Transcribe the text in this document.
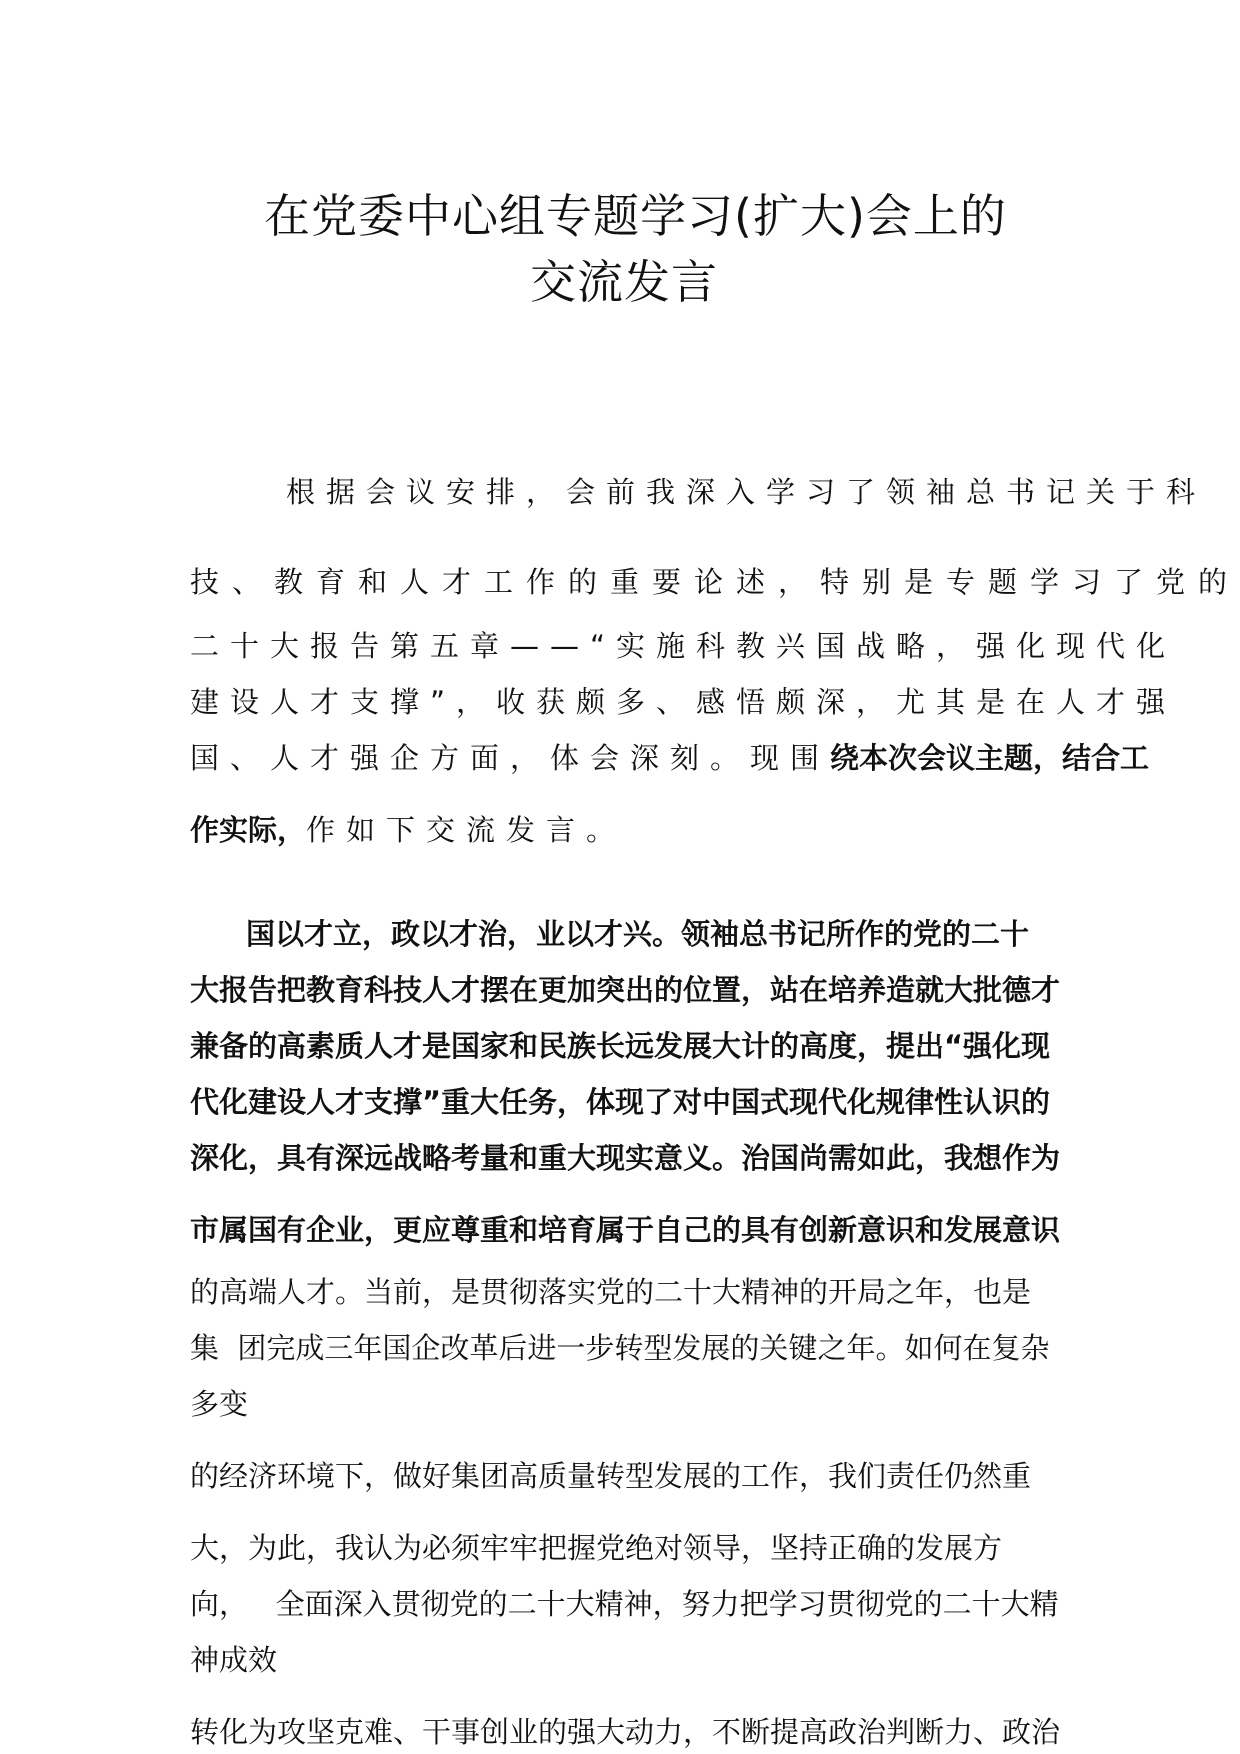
在党委中心组专题学习(扩大)会上的
交流发言
根据会议安排，会前我深入学习了领袖总书记关于科
技、教育和人才工作的重要论述，特别是专题学习了党的
二十大报告第五章——“实施科教兴国战略，强化现代化
建设人才支撑”，收获颇多、感悟颇深，尤其是在人才强
国、人才强企方面，体会深刻。现围绕本次会议主题，结合工
作实际，作如下交流发言。
国以才立，政以才治，业以才兴。领袖总书记所作的党的二十
大报告把教育科技人才摆在更加突出的位置，站在培养造就大批德才
兼备的高素质人才是国家和民族长远发展大计的高度，提出“强化现
代化建设人才支撑”重大任务，体现了对中国式现代化规律性认识的
深化，具有深远战略考量和重大现实意义。治国尚需如此，我想作为
市属国有企业，更应尊重和培育属于自己的具有创新意识和发展意识
的高端人才。当前，是贯彻落实党的二十大精神的开局之年，也是
集  团完成三年国企改革后进一步转型发展的关键之年。如何在复杂
多变
的经济环境下，做好集团高质量转型发展的工作，我们责任仍然重
大，为此，我认为必须牢牢把握党绝对领导，坚持正确的发展方
向，   全面深入贯彻党的二十大精神，努力把学习贯彻党的二十大精
神成效
转化为攻坚克难、干事创业的强大动力，不断提高政治判断力、政治
